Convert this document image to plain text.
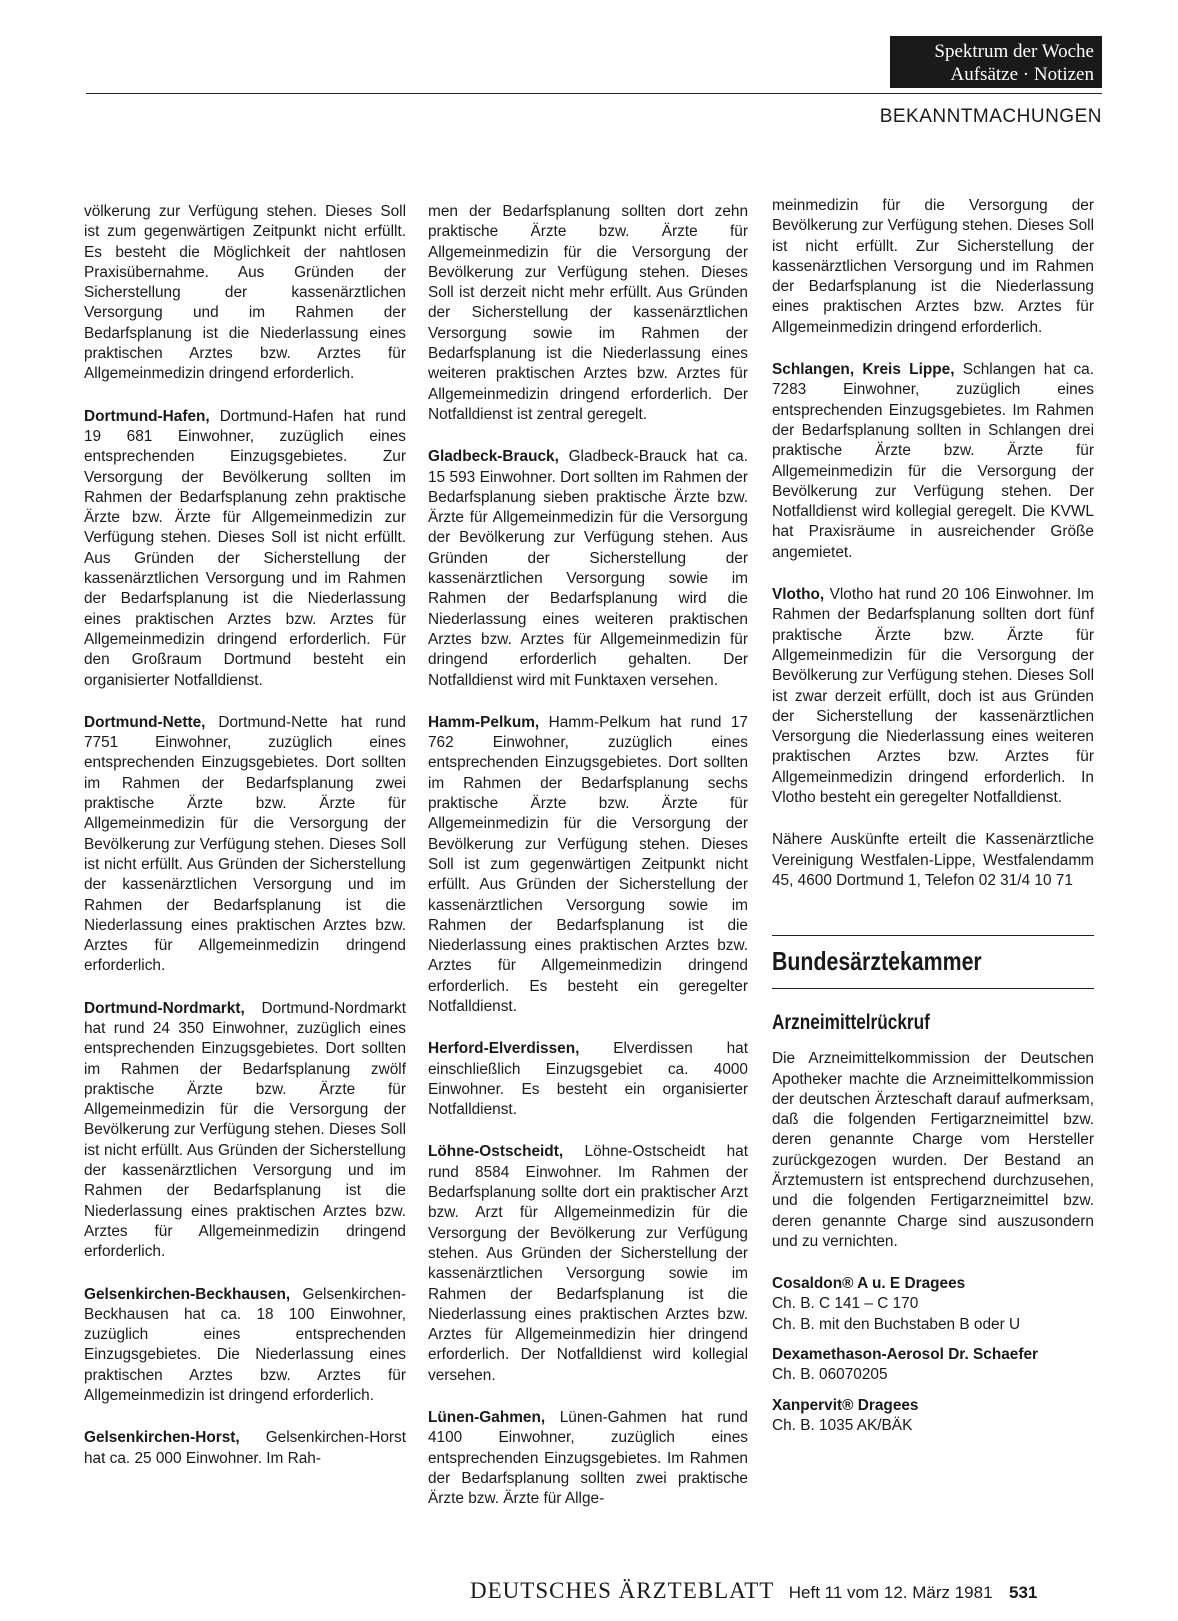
Spektrum der Woche
Aufsätze · Notizen
BEKANNTMACHUNGEN

völkerung zur Verfügung stehen. Dieses Soll ist zum gegenwärtigen Zeitpunkt nicht erfüllt. Es besteht die Möglichkeit der nahtlosen Praxisübernahme. Aus Gründen der Sicherstellung der kassenärztlichen Versorgung und im Rahmen der Bedarfsplanung ist die Niederlassung eines praktischen Arztes bzw. Arztes für Allgemeinmedizin dringend erforderlich.

Dortmund-Hafen, Dortmund-Hafen hat rund 19 681 Einwohner, zuzüglich eines entsprechenden Einzugsgebietes. Zur Versorgung der Bevölkerung sollten im Rahmen der Bedarfsplanung zehn praktische Ärzte bzw. Ärzte für Allgemeinmedizin zur Verfügung stehen. Dieses Soll ist nicht erfüllt. Aus Gründen der Sicherstellung der kassenärztlichen Versorgung und im Rahmen der Bedarfsplanung ist die Niederlassung eines praktischen Arztes bzw. Arztes für Allgemeinmedizin dringend erforderlich. Für den Großraum Dortmund besteht ein organisierter Notfalldienst.

Dortmund-Nette, Dortmund-Nette hat rund 7751 Einwohner, zuzüglich eines entsprechenden Einzugsgebietes. Dort sollten im Rahmen der Bedarfsplanung zwei praktische Ärzte bzw. Ärzte für Allgemeinmedizin für die Versorgung der Bevölkerung zur Verfügung stehen. Dieses Soll ist nicht erfüllt. Aus Gründen der Sicherstellung der kassenärztlichen Versorgung und im Rahmen der Bedarfsplanung ist die Niederlassung eines praktischen Arztes bzw. Arztes für Allgemeinmedizin dringend erforderlich.

Dortmund-Nordmarkt, Dortmund-Nordmarkt hat rund 24 350 Einwohner, zuzüglich eines entsprechenden Einzugsgebietes. Dort sollten im Rahmen der Bedarfsplanung zwölf praktische Ärzte bzw. Ärzte für Allgemeinmedizin für die Versorgung der Bevölkerung zur Verfügung stehen. Dieses Soll ist nicht erfüllt. Aus Gründen der Sicherstellung der kassenärztlichen Versorgung und im Rahmen der Bedarfsplanung ist die Niederlassung eines praktischen Arztes bzw. Arztes für Allgemeinmedizin dringend erforderlich.

Gelsenkirchen-Beckhausen, Gelsenkirchen-Beckhausen hat ca. 18 100 Einwohner, zuzüglich eines entsprechenden Einzugsgebietes. Die Niederlassung eines praktischen Arztes bzw. Arztes für Allgemeinmedizin ist dringend erforderlich.

Gelsenkirchen-Horst, Gelsenkirchen-Horst hat ca. 25 000 Einwohner. Im Rah-

men der Bedarfsplanung sollten dort zehn praktische Ärzte bzw. Ärzte für Allgemeinmedizin für die Versorgung der Bevölkerung zur Verfügung stehen. Dieses Soll ist derzeit nicht mehr erfüllt. Aus Gründen der Sicherstellung der kassenärztlichen Versorgung sowie im Rahmen der Bedarfsplanung ist die Niederlassung eines weiteren praktischen Arztes bzw. Arztes für Allgemeinmedizin dringend erforderlich. Der Notfalldienst ist zentral geregelt.

Gladbeck-Brauck, Gladbeck-Brauck hat ca. 15 593 Einwohner. Dort sollten im Rahmen der Bedarfsplanung sieben praktische Ärzte bzw. Ärzte für Allgemeinmedizin für die Versorgung der Bevölkerung zur Verfügung stehen. Aus Gründen der Sicherstellung der kassenärztlichen Versorgung sowie im Rahmen der Bedarfsplanung wird die Niederlassung eines weiteren praktischen Arztes bzw. Arztes für Allgemeinmedizin für dringend erforderlich gehalten. Der Notfalldienst wird mit Funktaxen versehen.

Hamm-Pelkum, Hamm-Pelkum hat rund 17 762 Einwohner, zuzüglich eines entsprechenden Einzugsgebietes. Dort sollten im Rahmen der Bedarfsplanung sechs praktische Ärzte bzw. Ärzte für Allgemeinmedizin für die Versorgung der Bevölkerung zur Verfügung stehen. Dieses Soll ist zum gegenwärtigen Zeitpunkt nicht erfüllt. Aus Gründen der Sicherstellung der kassenärztlichen Versorgung sowie im Rahmen der Bedarfsplanung ist die Niederlassung eines praktischen Arztes bzw. Arztes für Allgemeinmedizin dringend erforderlich. Es besteht ein geregelter Notfalldienst.

Herford-Elverdissen, Elverdissen hat einschließlich Einzugsgebiet ca. 4000 Einwohner. Es besteht ein organisierter Notfalldienst.

Löhne-Ostscheidt, Löhne-Ostscheidt hat rund 8584 Einwohner. Im Rahmen der Bedarfsplanung sollte dort ein praktischer Arzt bzw. Arzt für Allgemeinmedizin für die Versorgung der Bevölkerung zur Verfügung stehen. Aus Gründen der Sicherstellung der kassenärztlichen Versorgung sowie im Rahmen der Bedarfsplanung ist die Niederlassung eines praktischen Arztes bzw. Arztes für Allgemeinmedizin hier dringend erforderlich. Der Notfalldienst wird kollegial versehen.

Lünen-Gahmen, Lünen-Gahmen hat rund 4100 Einwohner, zuzüglich eines entsprechenden Einzugsgebietes. Im Rahmen der Bedarfsplanung sollten zwei praktische Ärzte bzw. Ärzte für Allge-

meinmedizin für die Versorgung der Bevölkerung zur Verfügung stehen. Dieses Soll ist nicht erfüllt. Zur Sicherstellung der kassenärztlichen Versorgung und im Rahmen der Bedarfsplanung ist die Niederlassung eines praktischen Arztes bzw. Arztes für Allgemeinmedizin dringend erforderlich.

Schlangen, Kreis Lippe, Schlangen hat ca. 7283 Einwohner, zuzüglich eines entsprechenden Einzugsgebietes. Im Rahmen der Bedarfsplanung sollten in Schlangen drei praktische Ärzte bzw. Ärzte für Allgemeinmedizin für die Versorgung der Bevölkerung zur Verfügung stehen. Der Notfalldienst wird kollegial geregelt. Die KVWL hat Praxisräume in ausreichender Größe angemietet.

Vlotho, Vlotho hat rund 20 106 Einwohner. Im Rahmen der Bedarfsplanung sollten dort fünf praktische Ärzte bzw. Ärzte für Allgemeinmedizin für die Versorgung der Bevölkerung zur Verfügung stehen. Dieses Soll ist zwar derzeit erfüllt, doch ist aus Gründen der Sicherstellung der kassenärztlichen Versorgung die Niederlassung eines weiteren praktischen Arztes bzw. Arztes für Allgemeinmedizin dringend erforderlich. In Vlotho besteht ein geregelter Notfalldienst.

Nähere Auskünfte erteilt die Kassenärztliche Vereinigung Westfalen-Lippe, Westfalendamm 45, 4600 Dortmund 1, Telefon 02 31/4 10 71

Bundesärztekammer
Arzneimittelrückruf

Die Arzneimittelkommission der Deutschen Apotheker machte die Arzneimittelkommission der deutschen Ärzteschaft darauf aufmerksam, daß die folgenden Fertigarzneimittel bzw. deren genannte Charge vom Hersteller zurückgezogen wurden. Der Bestand an Ärztemustern ist entsprechend durchzusehen, und die folgenden Fertigarzneimittel bzw. deren genannte Charge sind auszusondern und zu vernichten.

Cosaldon® A u. E Dragees
Ch. B. C 141 – C 170
Ch. B. mit den Buchstaben B oder U
Dexamethason-Aerosol Dr. Schaefer
Ch. B. 06070205
Xanpervit® Dragees
Ch. B. 1035 AK/BÄK
DEUTSCHES ÄRZTEBLATT Heft 11 vom 12. März 1981 531
